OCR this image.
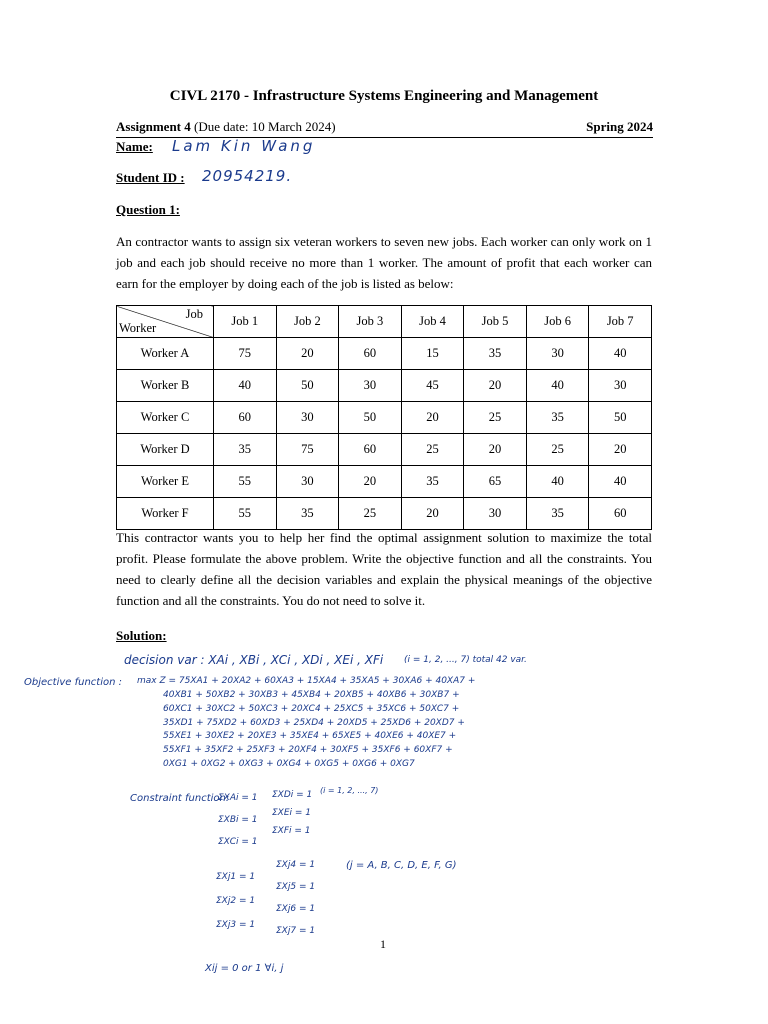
CIVL 2170 - Infrastructure Systems Engineering and Management
Assignment 4 (Due date: 10 March 2024)	Spring 2024
Name: Lam Kin Wang
Student ID : 20954219.
Question 1:
An contractor wants to assign six veteran workers to seven new jobs. Each worker can only work on 1 job and each job should receive no more than 1 worker. The amount of profit that each worker can earn for the employer by doing each of the job is listed as below:
Job
Worker	Job 1	Job 2	Job 3	Job 4	Job 5	Job 6	Job 7
Worker A	75	20	60	15	35	30	40
Worker B	40	50	30	45	20	40	30
Worker C	60	30	50	20	25	35	50
Worker D	35	75	60	25	20	25	20
Worker E	55	30	20	35	65	40	40
Worker F	55	35	25	20	30	35	60
This contractor wants you to help her find the optimal assignment solution to maximize the total profit. Please formulate the above problem. Write the objective function and all the constraints. You need to clearly define all the decision variables and explain the physical meanings of the objective function and all the constraints. You do not need to solve it.
Solution:
decision var : XAi , XBi , XCi , XDi , XEi , XFi (i = 1, 2, ..., 7) total 42 var.
Objective function : max Z = 75XA1 + 20XA2 + 60XA3 + 15XA4 + 35XA5 + 30XA6 + 40XA7 +
40XB1 + 50XB2 + 30XB3 + 45XB4 + 20XB5 + 40XB6 + 30XB7 +
60XC1 + 30XC2 + 50XC3 + 20XC4 + 25XC5 + 35XC6 + 50XC7 +
35XD1 + 75XD2 + 60XD3 + 25XD4 + 20XD5 + 25XD6 + 20XD7 +
55XE1 + 30XE2 + 20XE3 + 35XE4 + 65XE5 + 40XE6 + 40XE7 +
55XF1 + 35XF2 + 25XF3 + 20XF4 + 30XF5 + 35XF6 + 60XF7 +
0XG1 + 0XG2 + 0XG3 + 0XG4 + 0XG5 + 0XG6 + 0XG7
Constraint function:
ΣXAi = 1
ΣXBi = 1
ΣXCi = 1
ΣXDi = 1
ΣXEi = 1
ΣXFi = 1
(i = 1, 2, ..., 7)
ΣXj1 = 1
ΣXj2 = 1
ΣXj3 = 1
ΣXj4 = 1
ΣXj5 = 1
ΣXj6 = 1
ΣXj7 = 1
(j = A, B, C, D, E, F, G)
Xij = 0 or 1 ∀i, j
1
